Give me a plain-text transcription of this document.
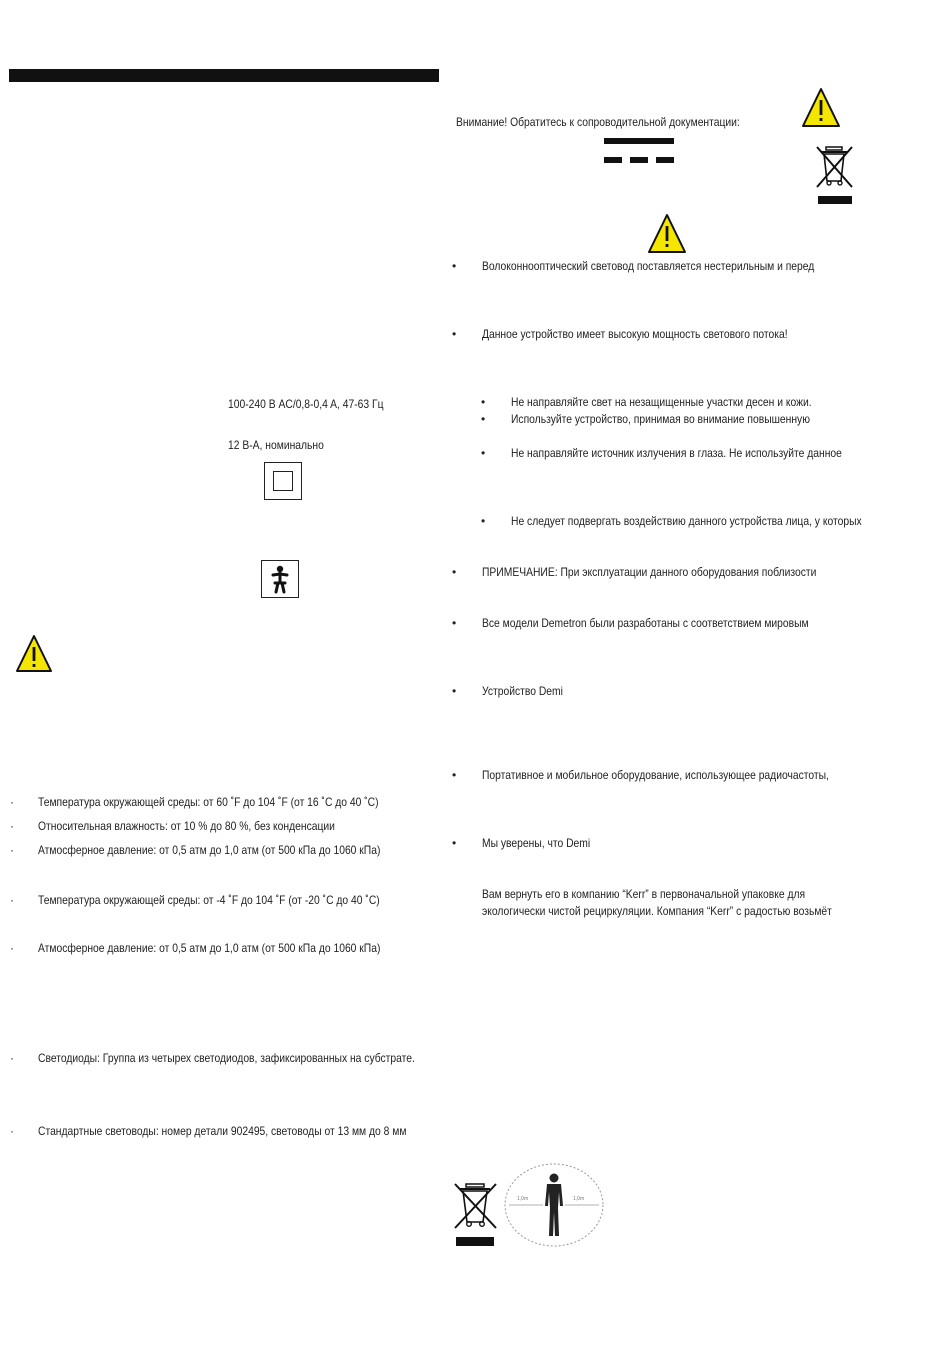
100-240 В AC/0,8-0,4 A, 47-63 Гц
12 В-А, номинально
· Температура окружающей среды: от 60 ˚F до 104 ˚F (от 16 ˚C до 40 ˚C)
· Относительная влажность: от 10 % до 80 %, без конденсации
· Атмосферное давление: от 0,5 атм до 1,0 атм (от 500 кПа до 1060 кПа)
· Температура окружающей среды: от -4 ˚F до 104 ˚F (от -20 ˚C до 40 ˚C)
· Атмосферное давление: от 0,5 атм до 1,0 атм (от 500 кПа до 1060 кПа)
· Светодиоды: Группа из четырех светодиодов, зафиксированных на субстрате.
· Стандартные световоды: номер детали 902495, световоды от 13 мм до 8 мм
Внимание! Обратитесь к сопроводительной документации:
• Волоконнооптический световод поставляется нестерильным и перед
• Данное устройство имеет высокую мощность светового потока!
• Не направляйте свет на незащищенные участки десен и кожи.
• Используйте устройство, принимая во внимание повышенную
• Не направляйте источник излучения в глаза. Не используйте данное
• Не следует подвергать воздействию данного устройства лица, у которых
• ПРИМЕЧАНИЕ: При эксплуатации данного оборудования поблизости
• Все модели Demetron были разработаны с соответствием мировым
• Устройство Demi
• Портативное и мобильное оборудование, использующее радиочастоты,
• Мы уверены, что Demi
Вам вернуть его в компанию “Kerr” в первоначальной упаковке для
экологически чистой рециркуляции. Компания “Kerr” с радостью возьмёт
1,0m	1,0m
